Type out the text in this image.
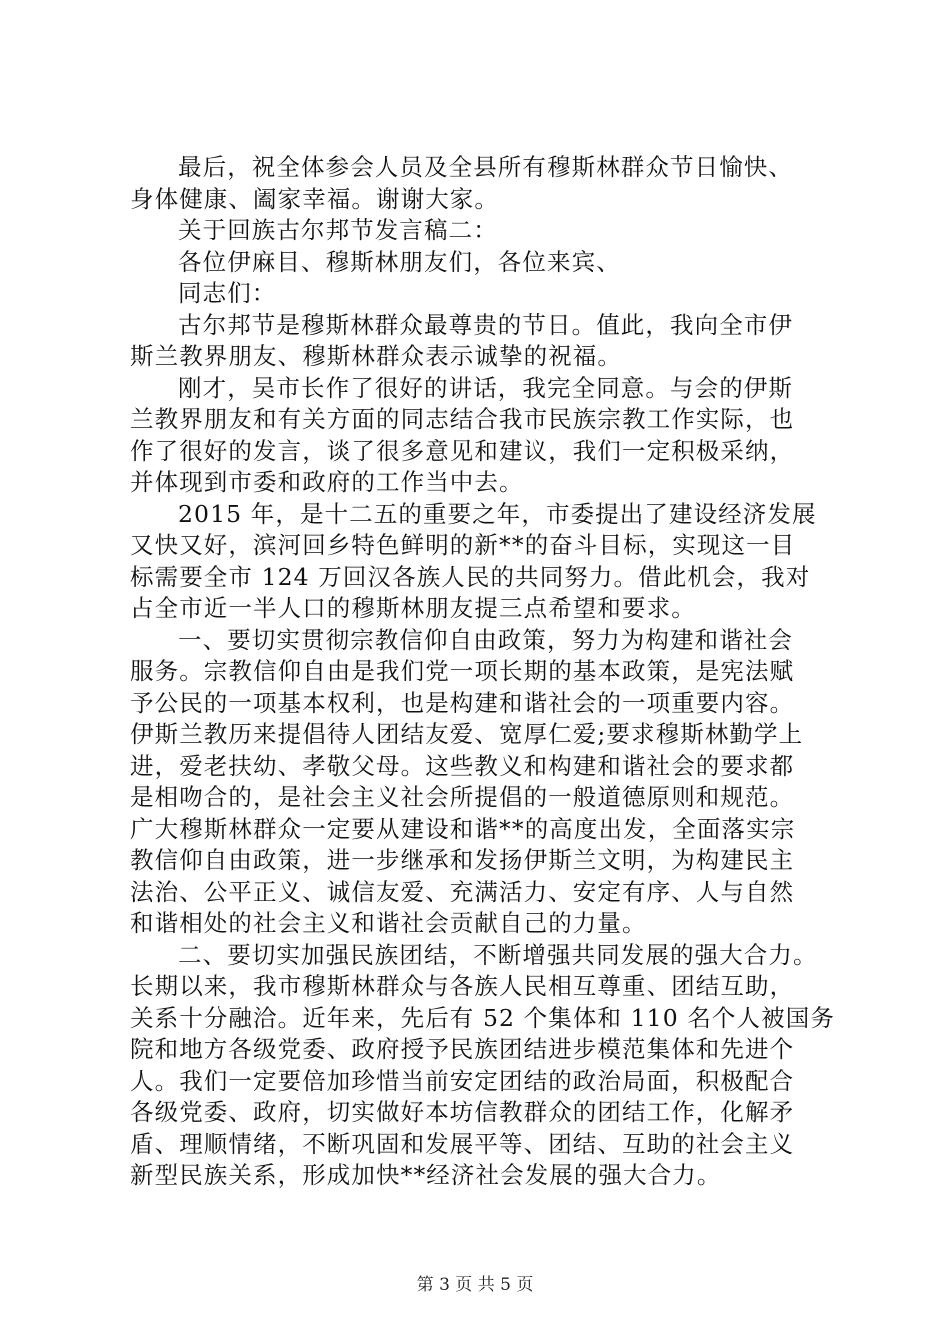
最后，祝全体参会人员及全县所有穆斯林群众节日愉快、
身体健康、阖家幸福。谢谢大家。
关于回族古尔邦节发言稿二：
各位伊麻目、穆斯林朋友们，各位来宾、
同志们：
古尔邦节是穆斯林群众最尊贵的节日。值此，我向全市伊
斯兰教界朋友、穆斯林群众表示诚挚的祝福。
刚才，吴市长作了很好的讲话，我完全同意。与会的伊斯
兰教界朋友和有关方面的同志结合我市民族宗教工作实际，也
作了很好的发言，谈了很多意见和建议，我们一定积极采纳，
并体现到市委和政府的工作当中去。
2015 年，是十二五的重要之年，市委提出了建设经济发展
又快又好，滨河回乡特色鲜明的新**的奋斗目标，实现这一目
标需要全市 124 万回汉各族人民的共同努力。借此机会，我对
占全市近一半人口的穆斯林朋友提三点希望和要求。
一、要切实贯彻宗教信仰自由政策，努力为构建和谐社会
服务。宗教信仰自由是我们党一项长期的基本政策，是宪法赋
予公民的一项基本权利，也是构建和谐社会的一项重要内容。
伊斯兰教历来提倡待人团结友爱、宽厚仁爱;要求穆斯林勤学上
进，爱老扶幼、孝敬父母。这些教义和构建和谐社会的要求都
是相吻合的，是社会主义社会所提倡的一般道德原则和规范。
广大穆斯林群众一定要从建设和谐**的高度出发，全面落实宗
教信仰自由政策，进一步继承和发扬伊斯兰文明，为构建民主
法治、公平正义、诚信友爱、充满活力、安定有序、人与自然
和谐相处的社会主义和谐社会贡献自己的力量。
二、要切实加强民族团结，不断增强共同发展的强大合力。
长期以来，我市穆斯林群众与各族人民相互尊重、团结互助，
关系十分融洽。近年来，先后有 52 个集体和 110 名个人被国务
院和地方各级党委、政府授予民族团结进步模范集体和先进个
人。我们一定要倍加珍惜当前安定团结的政治局面，积极配合
各级党委、政府，切实做好本坊信教群众的团结工作，化解矛
盾、理顺情绪，不断巩固和发展平等、团结、互助的社会主义
新型民族关系，形成加快**经济社会发展的强大合力。
第 3 页 共 5 页
